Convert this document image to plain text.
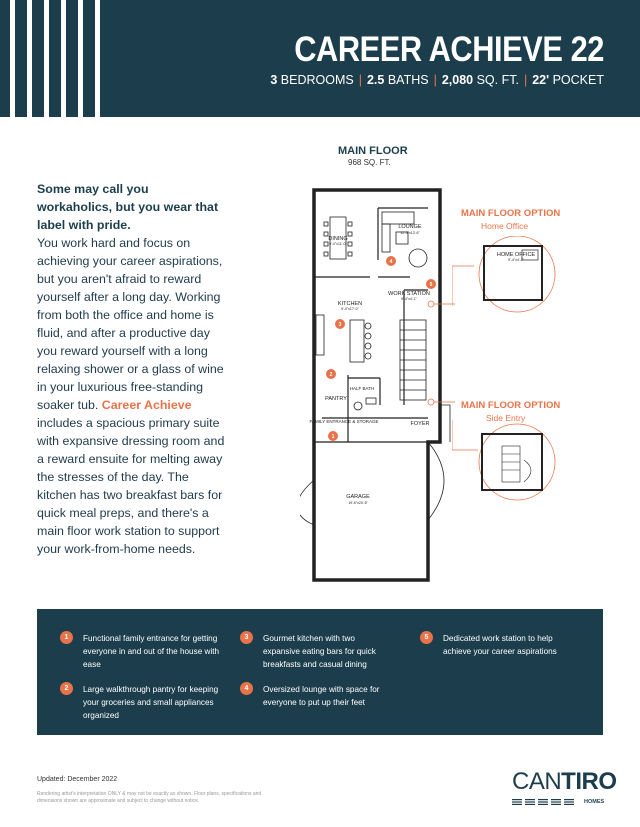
CAREER ACHIEVE 22
3 BEDROOMS | 2.5 BATHS | 2,080 SQ. FT. | 22' POCKET
Some may call you workaholics, but you wear that label with pride.
You work hard and focus on achieving your career aspirations, but you aren't afraid to reward yourself after a long day. Working from both the office and home is fluid, and after a productive day you reward yourself with a long relaxing shower or a glass of wine in your luxurious free-standing soaker tub. Career Achieve includes a spacious primary suite with expansive dressing room and a reward ensuite for melting away the stresses of the day. The kitchen has two breakfast bars for quick meal preps, and there's a main floor work station to support your work-from-home needs.
MAIN FLOOR
968 SQ. FT.
LOUNGE
11'-0"x13'-6"
DINING
9'-0"x11'-0"
KITCHEN
9'-0"x17'-0"
WORK STATION
9'-4"x4'-1"
PANTRY
HALF BATH
FAMILY ENTRANCE & STORAGE	FOYER
GARAGE
19'-6"x20'-6"
1
2
3
4
5
MAIN FLOOR OPTION
Home Office
HOME OFFICE
9'-4"x4'-1"
MAIN FLOOR OPTION
Side Entry
1	Functional family entrance for getting everyone in and out of the house with ease
2	Large walkthrough pantry for keeping your groceries and small appliances organized
3	Gourmet kitchen with two expansive eating bars for quick breakfasts and casual dining
4	Oversized lounge with space for everyone to put up their feet
5	Dedicated work station to help achieve your career aspirations
Updated: December 2022
Rendering artist's interpretation ONLY & may not be exactly as shown. Floor plans, specifications and dimensions shown are approximate and subject to change without notice.
CANTIRO
HOMES
